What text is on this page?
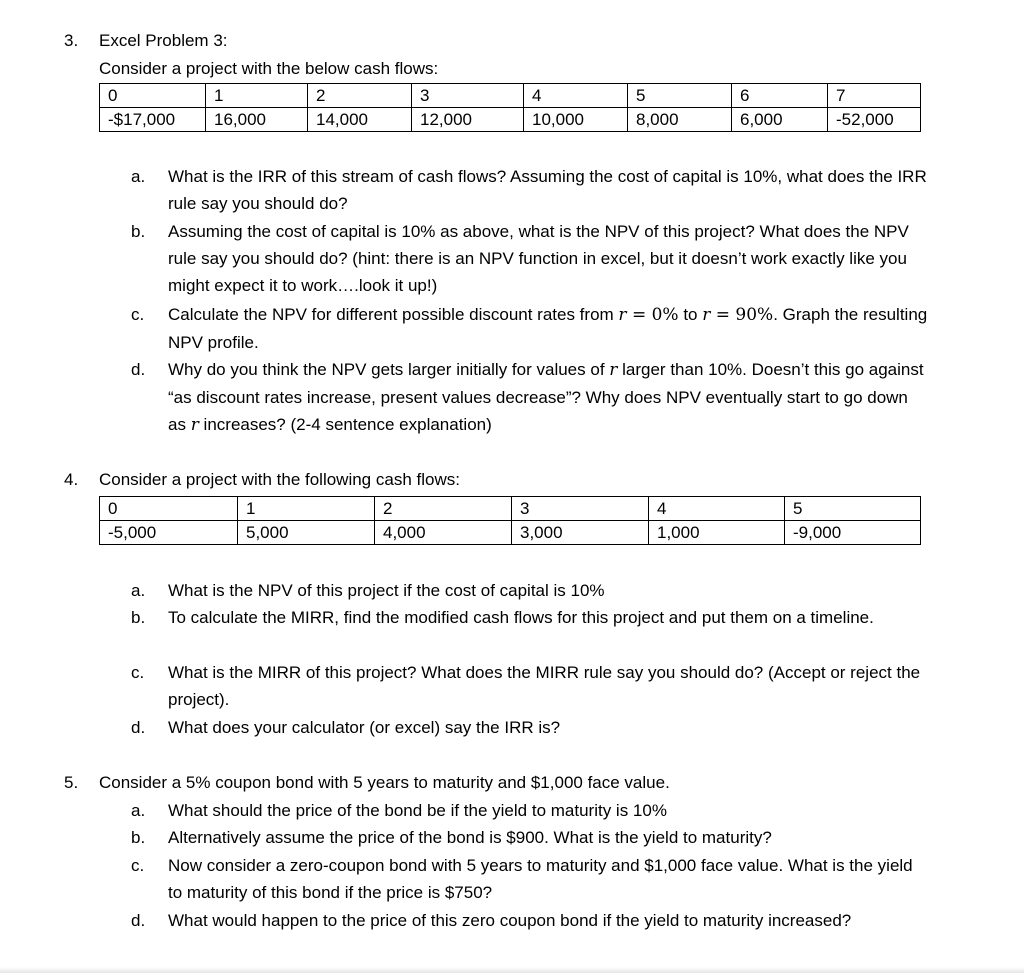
3. Excel Problem 3:
Consider a project with the below cash flows:
0	1	2	3	4	5	6	7
-$17,000	16,000	14,000	12,000	10,000	8,000	6,000	-52,000
a. What is the IRR of this stream of cash flows? Assuming the cost of capital is 10%, what does the IRR rule say you should do?
b. Assuming the cost of capital is 10% as above, what is the NPV of this project? What does the NPV rule say you should do? (hint: there is an NPV function in excel, but it doesn’t work exactly like you might expect it to work….look it up!)
c. Calculate the NPV for different possible discount rates from r = 0% to r = 90%. Graph the resulting NPV profile.
d. Why do you think the NPV gets larger initially for values of r larger than 10%. Doesn’t this go against “as discount rates increase, present values decrease”? Why does NPV eventually start to go down as r increases? (2-4 sentence explanation)
4. Consider a project with the following cash flows:
0	1	2	3	4	5
-5,000	5,000	4,000	3,000	1,000	-9,000
a. What is the NPV of this project if the cost of capital is 10%
b. To calculate the MIRR, find the modified cash flows for this project and put them on a timeline.
c. What is the MIRR of this project? What does the MIRR rule say you should do? (Accept or reject the project).
d. What does your calculator (or excel) say the IRR is?
5. Consider a 5% coupon bond with 5 years to maturity and $1,000 face value.
a. What should the price of the bond be if the yield to maturity is 10%
b. Alternatively assume the price of the bond is $900. What is the yield to maturity?
c. Now consider a zero-coupon bond with 5 years to maturity and $1,000 face value. What is the yield to maturity of this bond if the price is $750?
d. What would happen to the price of this zero coupon bond if the yield to maturity increased?
